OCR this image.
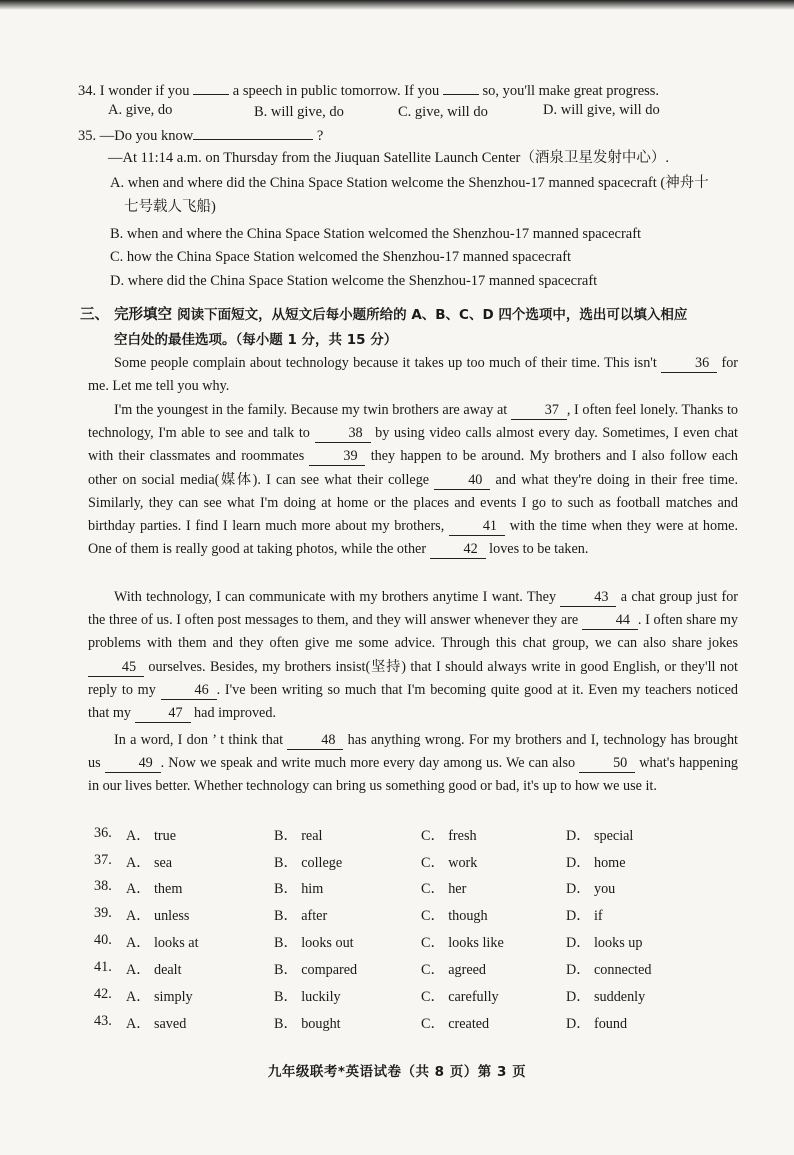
34. I wonder if you	a speech in public tomorrow. If you	so, you'll make great progress.
A. give, do	B. will give, do	C. give, will do	D. will give, will do
35. —Do you know	?
—At 11:14 a.m. on Thursday from the Jiuquan Satellite Launch Center（酒泉卫星发射中心）.
A. when and where did the China Space Station welcome the Shenzhou-17 manned spacecraft (神舟十
七号载人飞船)
B. when and where the China Space Station welcomed the Shenzhou-17 manned spacecraft
C. how the China Space Station welcomed the Shenzhou-17 manned spacecraft
D. where did the China Space Station welcome the Shenzhou-17 manned spacecraft
三、 完形填空 阅读下面短文，从短文后每小题所给的 A、B、C、D 四个选项中，选出可以填入相应
空白处的最佳选项。（每小题 1 分，共 15 分）
Some people complain about technology because it takes up too much of their time. This isn't	36 for me. Let me tell you why.
I'm the youngest in the family. Because my twin brothers are away at	37 , I often feel lonely. Thanks to technology, I'm able to see and talk to	38 by using video calls almost every day. Sometimes, I even chat with their classmates and roommates	39 they happen to be around. My brothers and I also follow each other on social media(媒体). I can see what their college	40 and what they're doing in their free time. Similarly, they can see what I'm doing at home or the places and events I go to such as football matches and birthday parties. I find I learn much more about my brothers,	41 with the time when they were at home. One of them is really good at taking photos, while the other	42 loves to be taken.
With technology, I can communicate with my brothers anytime I want. They	43 a chat group just for the three of us. I often post messages to them, and they will answer whenever they are	44 . I often share my problems with them and they often give me some advice. Through this chat group, we can also share jokes 45 ourselves. Besides, my brothers insist(坚持) that I should always write in good English, or they'll not reply to my	46 . I've been writing so much that I'm becoming quite good at it. Even my teachers noticed that my	47 had improved.
In a word, I don ’ t think that	48 has anything wrong. For my brothers and I, technology has brought us	49 . Now we speak and write much more every day among us. We can also	50 what's happening in our lives better. Whether technology can bring us something good or bad, it's up to how we use it.
36. A． true	B． real	C． fresh	D． special
37. A． sea	B． college	C． work	D． home
38. A． them	B． him	C． her	D． you
39. A． unless	B． after	C． though	D． if
40. A． looks at	B． looks out	C． looks like	D． looks up
41. A． dealt	B． compared	C． agreed	D． connected
42. A． simply	B． luckily	C． carefully	D． suddenly
43. A． saved	B． bought	C． created	D． found
九年级联考*英语试卷（共 8 页）第 3 页
